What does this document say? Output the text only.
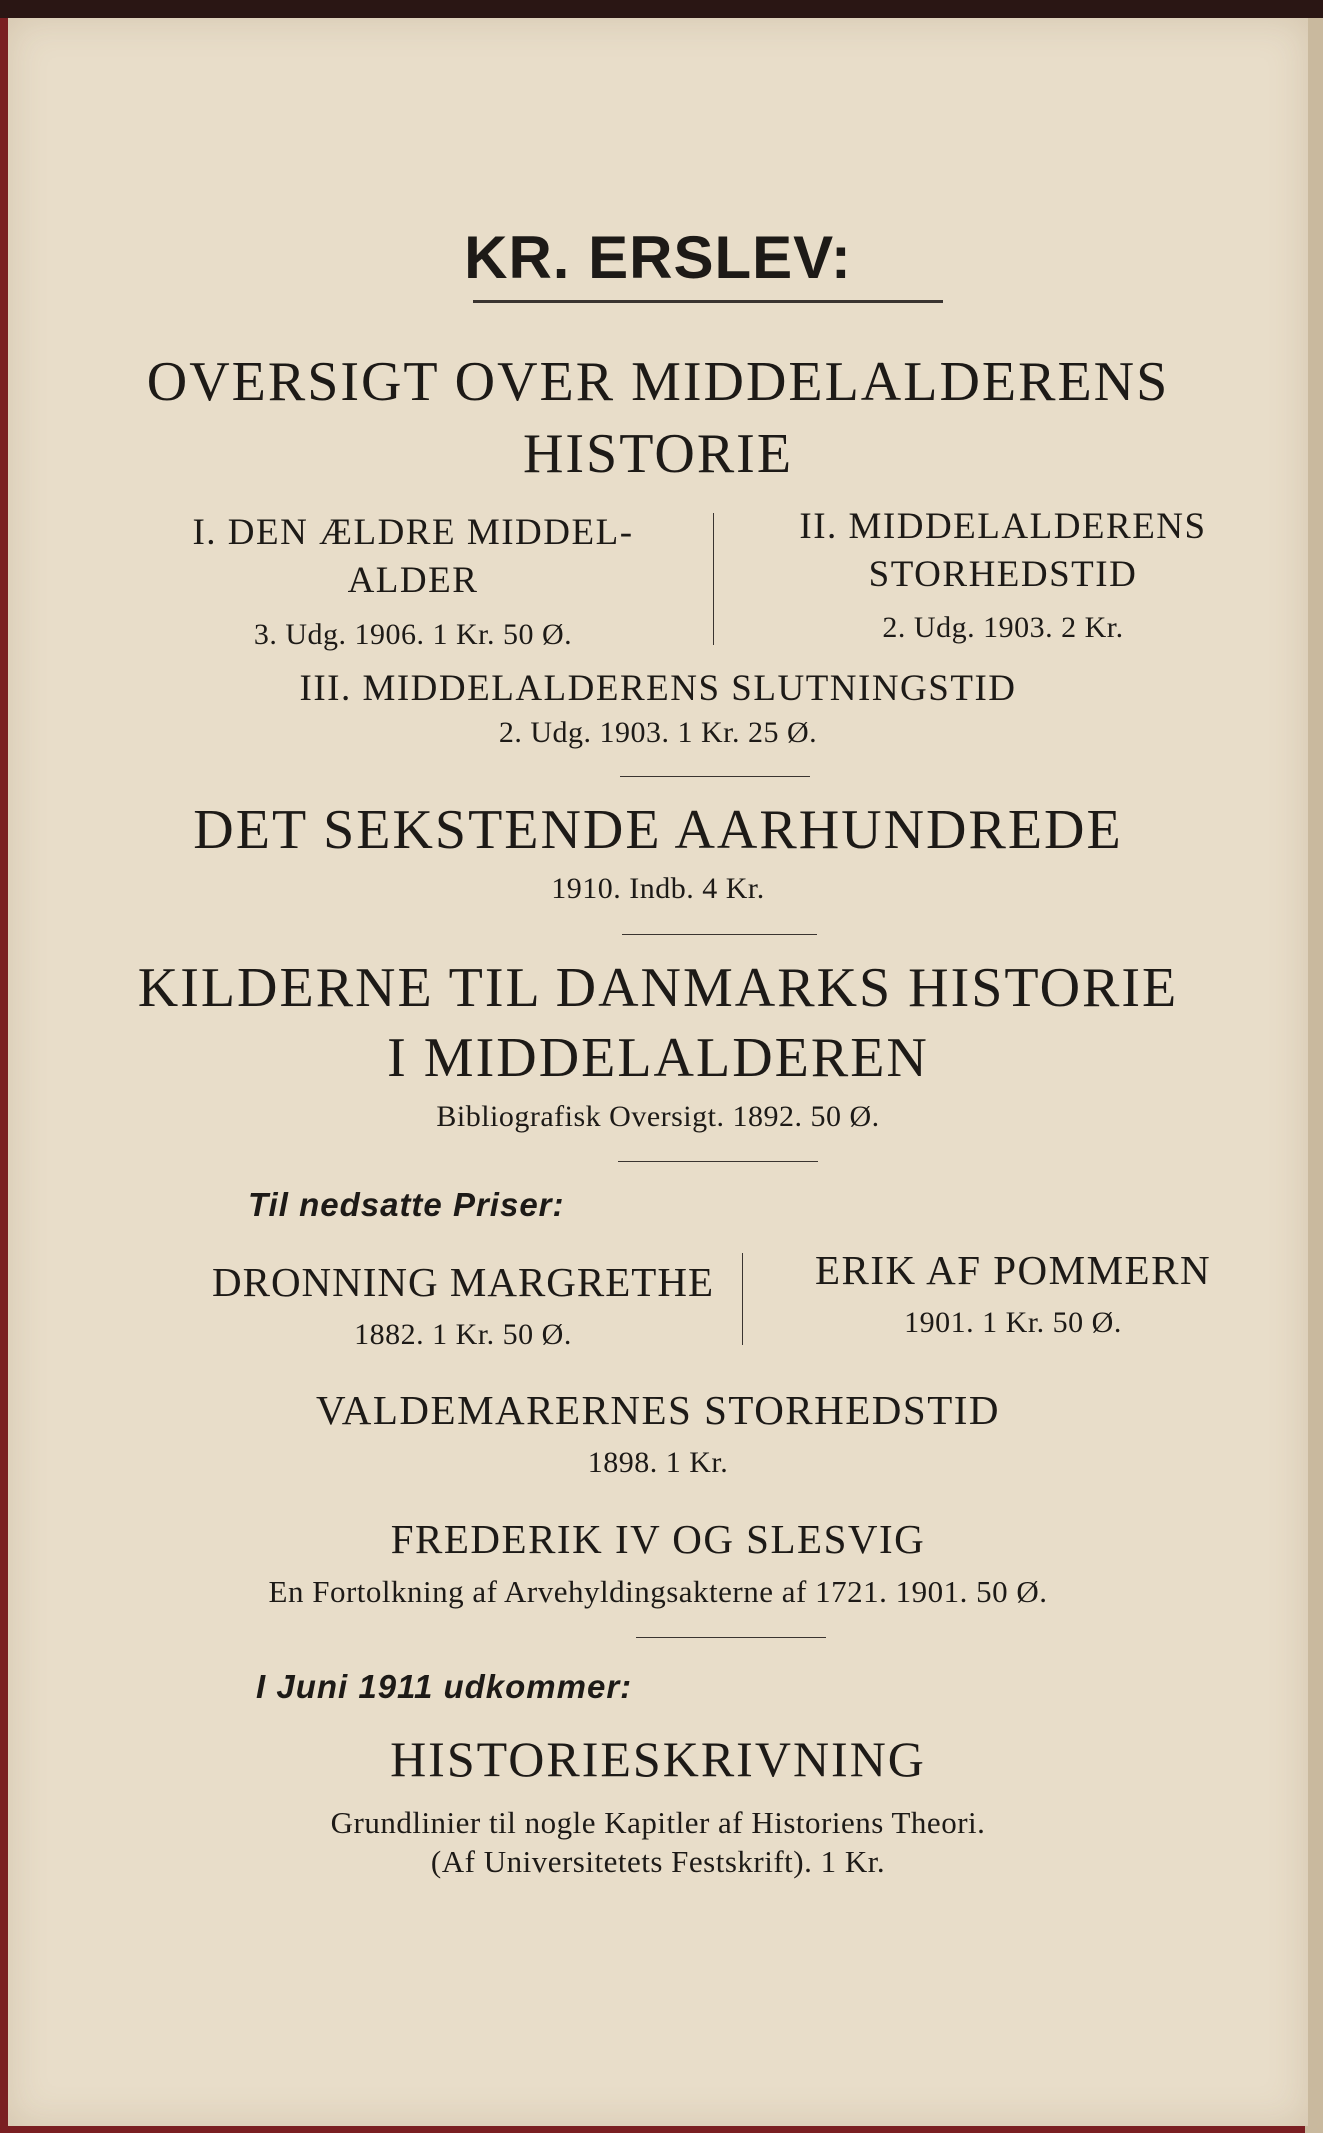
KR. ERSLEV:
OVERSIGT OVER MIDDELALDERENS
HISTORIE
I. DEN ÆLDRE MIDDEL-
ALDER
3. Udg. 1906. 1 Kr. 50 Ø.
II. MIDDELALDERENS
STORHEDSTID
2. Udg. 1903. 2 Kr.
III. MIDDELALDERENS SLUTNINGSTID
2. Udg. 1903. 1 Kr. 25 Ø.
DET SEKSTENDE AARHUNDREDE
1910. Indb. 4 Kr.
KILDERNE TIL DANMARKS HISTORIE
I MIDDELALDEREN
Bibliografisk Oversigt. 1892. 50 Ø.
Til nedsatte Priser:
DRONNING MARGRETHE
1882. 1 Kr. 50 Ø.
ERIK AF POMMERN
1901. 1 Kr. 50 Ø.
VALDEMARERNES STORHEDSTID
1898. 1 Kr.
FREDERIK IV OG SLESVIG
En Fortolkning af Arvehyldingsakterne af 1721. 1901. 50 Ø.
I Juni 1911 udkommer:
HISTORIESKRIVNING
Grundlinier til nogle Kapitler af Historiens Theori.
(Af Universitetets Festskrift). 1 Kr.
